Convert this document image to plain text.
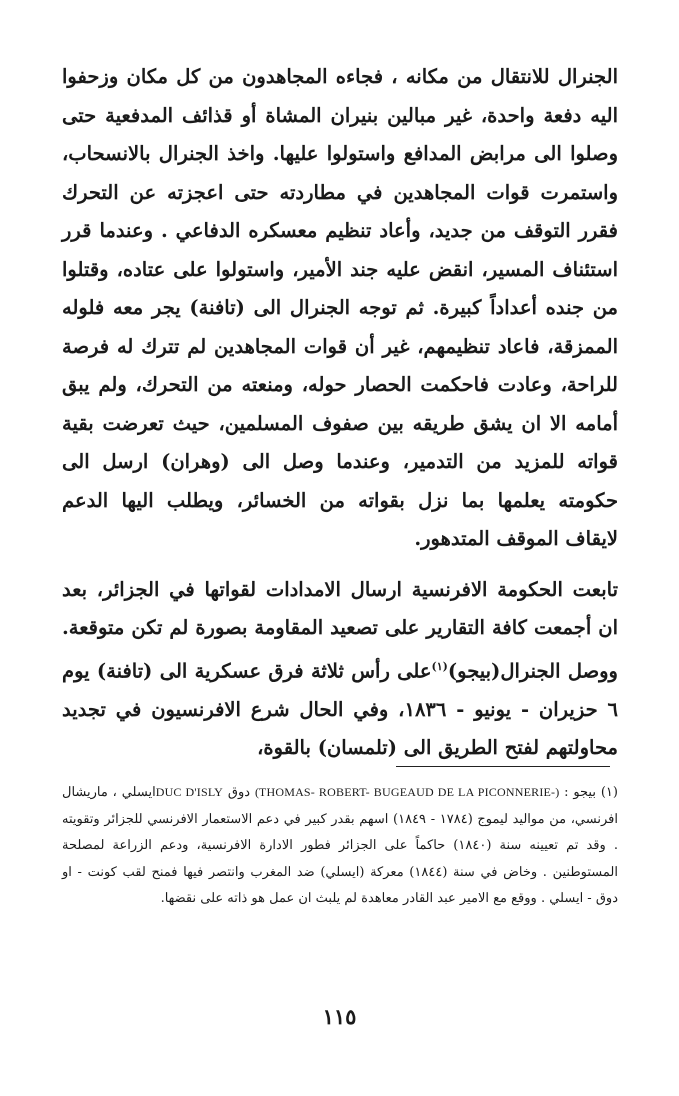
الجنرال للانتقال من مكانه ، فجاءه المجاهدون من كل مكان وزحفوا اليه دفعة واحدة، غير مبالين بنيران المشاة أو قذائف المدفعية حتى وصلوا الى مرابض المدافع واستولوا عليها. واخذ الجنرال بالانسحاب، واستمرت قوات المجاهدين في مطاردته حتى اعجزته عن التحرك فقرر التوقف من جديد، وأعاد تنظيم معسكره الدفاعي . وعندما قرر استئناف المسير، انقض عليه جند الأمير، واستولوا على عتاده، وقتلوا من جنده أعداداً كبيرة. ثم توجه الجنرال الى (تافنة) يجر معه فلوله الممزقة، فاعاد تنظيمهم، غير أن قوات المجاهدين لم تترك له فرصة للراحة، وعادت فاحكمت الحصار حوله، ومنعته من التحرك، ولم يبق أمامه الا ان يشق طريقه بين صفوف المسلمين، حيث تعرضت بقية قواته للمزيد من التدمير، وعندما وصل الى (وهران) ارسل الى حكومته يعلمها بما نزل بقواته من الخسائر، ويطلب اليها الدعم لايقاف الموقف المتدهور.

تابعت الحكومة الافرنسية ارسال الامدادات لقواتها في الجزائر، بعد ان أجمعت كافة التقارير على تصعيد المقاومة بصورة لم تكن متوقعة. ووصل الجنرال(بيجو)$^{(١)}$على رأس ثلاثة فرق عسكرية الى (تافنة) يوم ٦ حزيران - يونيو - ١٨٣٦، وفي الحال شرع الافرنسيون في تجديد محاولتهم لفتح الطريق الى (تلمسان) بالقوة،

(١) بيجو : (THOMAS- ROBERT- BUGEAUD DE LA PICONNERIE-) دوق DUC D'ISLYايسلي ، ماريشال افرنسي، من مواليد ليموج (١٧٨٤ - ١٨٤٩) اسهم بقدر كبير في دعم الاستعمار الافرنسي للجزائر وتقويته . وقد تم تعيينه سنة (١٨٤٠) حاكماً على الجزائر فطور الادارة الافرنسية، ودعم الزراعة لمصلحة المستوطنين . وخاض في سنة (١٨٤٤) معركة (ايسلي) ضد المغرب وانتصر فيها فمنح لقب كونت - او دوق - ايسلي . ووقع مع الامير عبد القادر معاهدة لم يلبث ان عمل هو ذاته على نقضها.

١١٥
